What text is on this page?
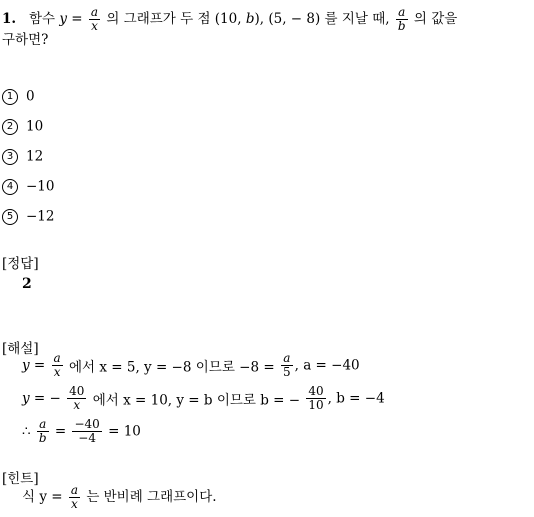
1. 함수 $y = \frac{a}{x}$ 의 그래프가 두 점 (10, b), (5, − 8) 를 지날 때, $\frac{a}{b}$ 의 값을
구하면?
1 0
2 10
3 12
4 −10
5 −12
[정답]
2
[해설]
$y = \frac{a}{x}$ 에서 x = 5, y = −8 이므로 $-8 = \frac{a}{5}$ , a = −40
y = − $\frac{40}{x}$ 에서 x = 10, y = b 이므로 b = − $\frac{40}{10}$ , b = −4
∴ $\frac{a}{b} = \frac{-40}{-4} = 10$
[힌트]
식 $y = \frac{a}{x}$ 는 반비례 그래프이다.
